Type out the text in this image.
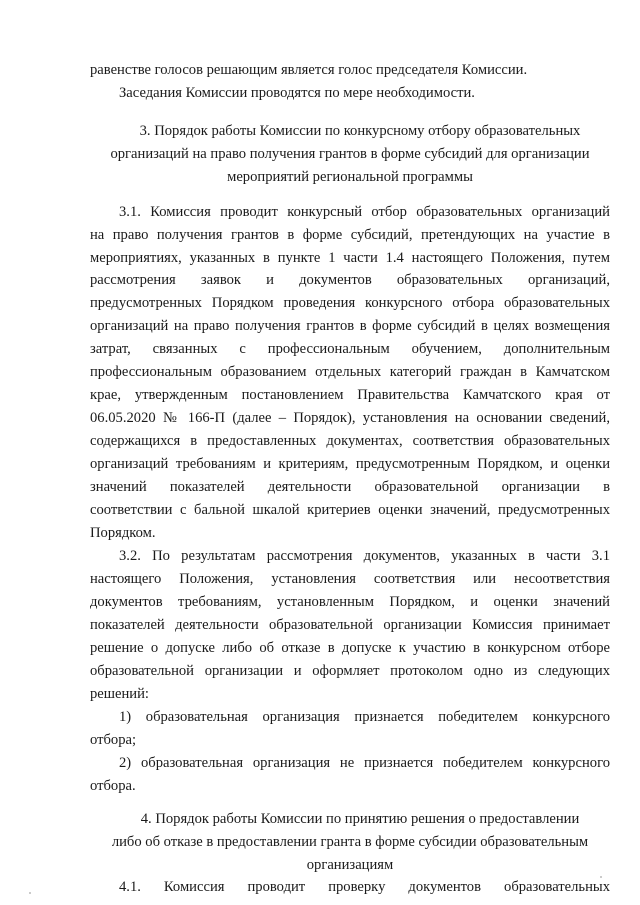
равенстве голосов решающим является голос председателя Комиссии.
Заседания Комиссии проводятся по мере необходимости.
3. Порядок работы Комиссии по конкурсному отбору образовательных
организаций на право получения грантов в форме субсидий для организации
мероприятий региональной программы
3.1. Комиссия проводит конкурсный отбор образовательных организаций
на право получения грантов в форме субсидий, претендующих на участие в
мероприятиях, указанных в пункте 1 части 1.4 настоящего Положения, путем
рассмотрения заявок и документов образовательных организаций,
предусмотренных Порядком проведения конкурсного отбора образовательных
организаций на право получения грантов в форме субсидий в целях возмещения
затрат, связанных с профессиональным обучением, дополнительным
профессиональным образованием отдельных категорий граждан в Камчатском
крае, утвержденным постановлением Правительства Камчатского края от
06.05.2020 № 166-П (далее – Порядок), установления на основании сведений,
содержащихся в предоставленных документах, соответствия образовательных
организаций требованиям и критериям, предусмотренным Порядком, и оценки
значений показателей деятельности образовательной организации в
соответствии с бальной шкалой критериев оценки значений, предусмотренных
Порядком.
3.2. По результатам рассмотрения документов, указанных в части 3.1
настоящего Положения, установления соответствия или несоответствия
документов требованиям, установленным Порядком, и оценки значений
показателей деятельности образовательной организации Комиссия принимает
решение о допуске либо об отказе в допуске к участию в конкурсном отборе
образовательной организации и оформляет протоколом одно из следующих
решений:
1) образовательная организация признается победителем конкурсного
отбора;
2) образовательная организация не признается победителем конкурсного
отбора.
4. Порядок работы Комиссии по принятию решения о предоставлении
либо об отказе в предоставлении гранта в форме субсидии образовательным
организациям
4.1. Комиссия проводит проверку документов образовательных
